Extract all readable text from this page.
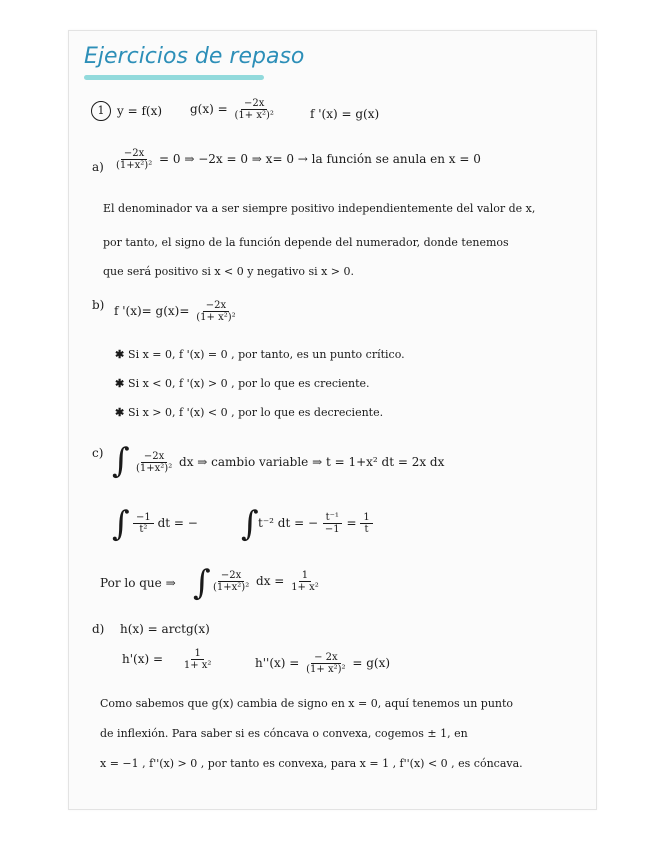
Ejercicios de repaso
1	y = f(x) $g(x) = \frac{-2x}{\text{(1+ x²)²}}$	f '(x) = g(x)
$a) \frac{-2x}{\text{(1+x²)²}} = 0$ ⇒ −2x = 0 ⇒ x= 0 → la función se anula en x = 0
El denominador va a ser siempre positivo independientemente del valor de x,
por tanto, el signo de la función depende del numerador, donde tenemos
que será positivo si x < 0 y negativo si x > 0.
b) f '$(x)= g(x)= \frac{-2x}{\text{(1+ x²)²}}$
✱ Si x = 0, f '(x) = 0 , por tanto, es un punto crítico.
✱ Si x < 0, f '(x) > 0 , por lo que es creciente.
✱ Si x > 0, f '(x) < 0 , por lo que es decreciente.
c) ∫ $\frac{-2x}{\text{(1+x²)²}}$ dx ⇒ cambio variable ⇒ t = 1+x² dt = 2x dx
∫ $\frac{-1}{\text{t²}}$ dt = − ∫ t⁻² dt = − $\frac{\text{t⁻¹}}{-1} = \frac{1}{t}$
Por lo que ⇒ ∫ $\frac{-2x}{\text{(1+x²)²}}$ dx = $\frac{1}{\text{1+ x²}}$
d) h(x) = arctg(x)
$h'(x) = \frac{1}{\text{1+ x²}}$	$h''(x) = \frac{- 2x}{\text{(1+ x²)²}} = g(x)$
Como sabemos que g(x) cambia de signo en x = 0, aquí tenemos un punto
de inflexión. Para saber si es cóncava o convexa, cogemos ± 1, en
x = −1 , f''(x) > 0 , por tanto es convexa, para x = 1 , f''(x) < 0 , es cóncava.
